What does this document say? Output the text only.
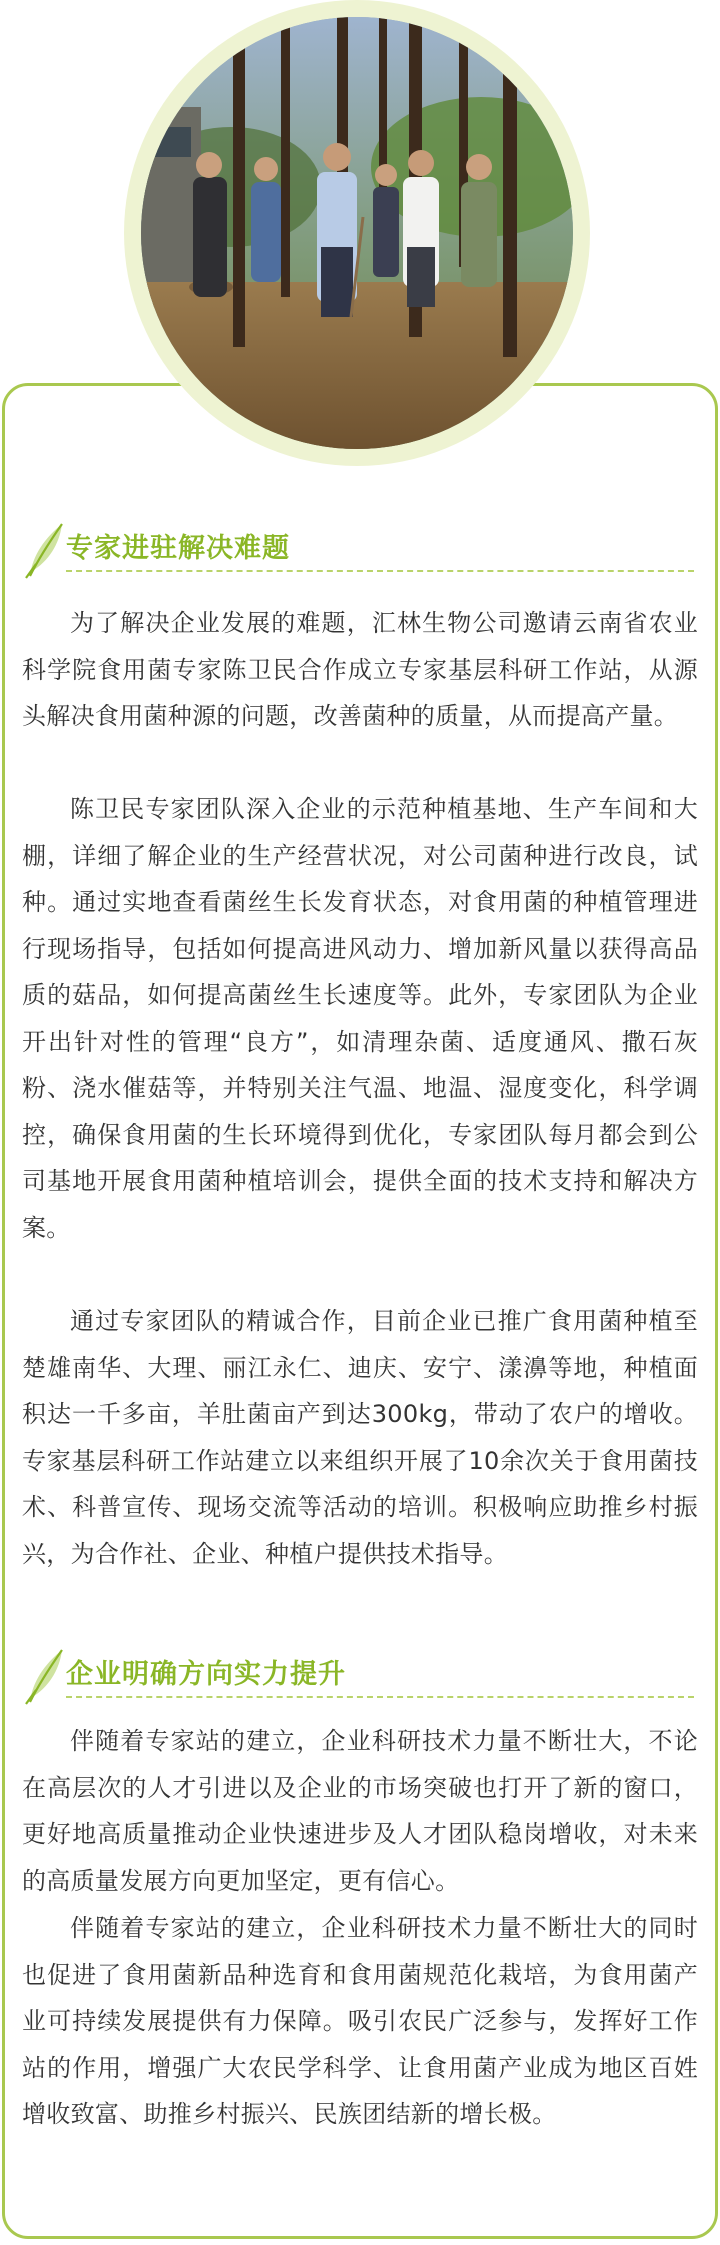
专家进驻解决难题

为了解决企业发展的难题，汇林生物公司邀请云南省农业科学院食用菌专家陈卫民合作成立专家基层科研工作站，从源头解决食用菌种源的问题，改善菌种的质量，从而提高产量。

陈卫民专家团队深入企业的示范种植基地、生产车间和大棚，详细了解企业的生产经营状况，对公司菌种进行改良，试种。通过实地查看菌丝生长发育状态，对食用菌的种植管理进行现场指导，包括如何提高进风动力、增加新风量以获得高品质的菇品，如何提高菌丝生长速度等。此外，专家团队为企业开出针对性的管理“良方”，如清理杂菌、适度通风、撒石灰粉、浇水催菇等，并特别关注气温、地温、湿度变化，科学调控，确保食用菌的生长环境得到优化，专家团队每月都会到公司基地开展食用菌种植培训会，提供全面的技术支持和解决方案。

通过专家团队的精诚合作，目前企业已推广食用菌种植至楚雄南华、大理、丽江永仁、迪庆、安宁、漾濞等地，种植面积达一千多亩，羊肚菌亩产到达300kg，带动了农户的增收。专家基层科研工作站建立以来组织开展了10余次关于食用菌技术、科普宣传、现场交流等活动的培训。积极响应助推乡村振兴，为合作社、企业、种植户提供技术指导。

企业明确方向实力提升

伴随着专家站的建立，企业科研技术力量不断壮大，不论在高层次的人才引进以及企业的市场突破也打开了新的窗口，更好地高质量推动企业快速进步及人才团队稳岗增收，对未来的高质量发展方向更加坚定，更有信心。

伴随着专家站的建立，企业科研技术力量不断壮大的同时也促进了食用菌新品种选育和食用菌规范化栽培，为食用菌产业可持续发展提供有力保障。吸引农民广泛参与，发挥好工作站的作用，增强广大农民学科学、让食用菌产业成为地区百姓增收致富、助推乡村振兴、民族团结新的增长极。
